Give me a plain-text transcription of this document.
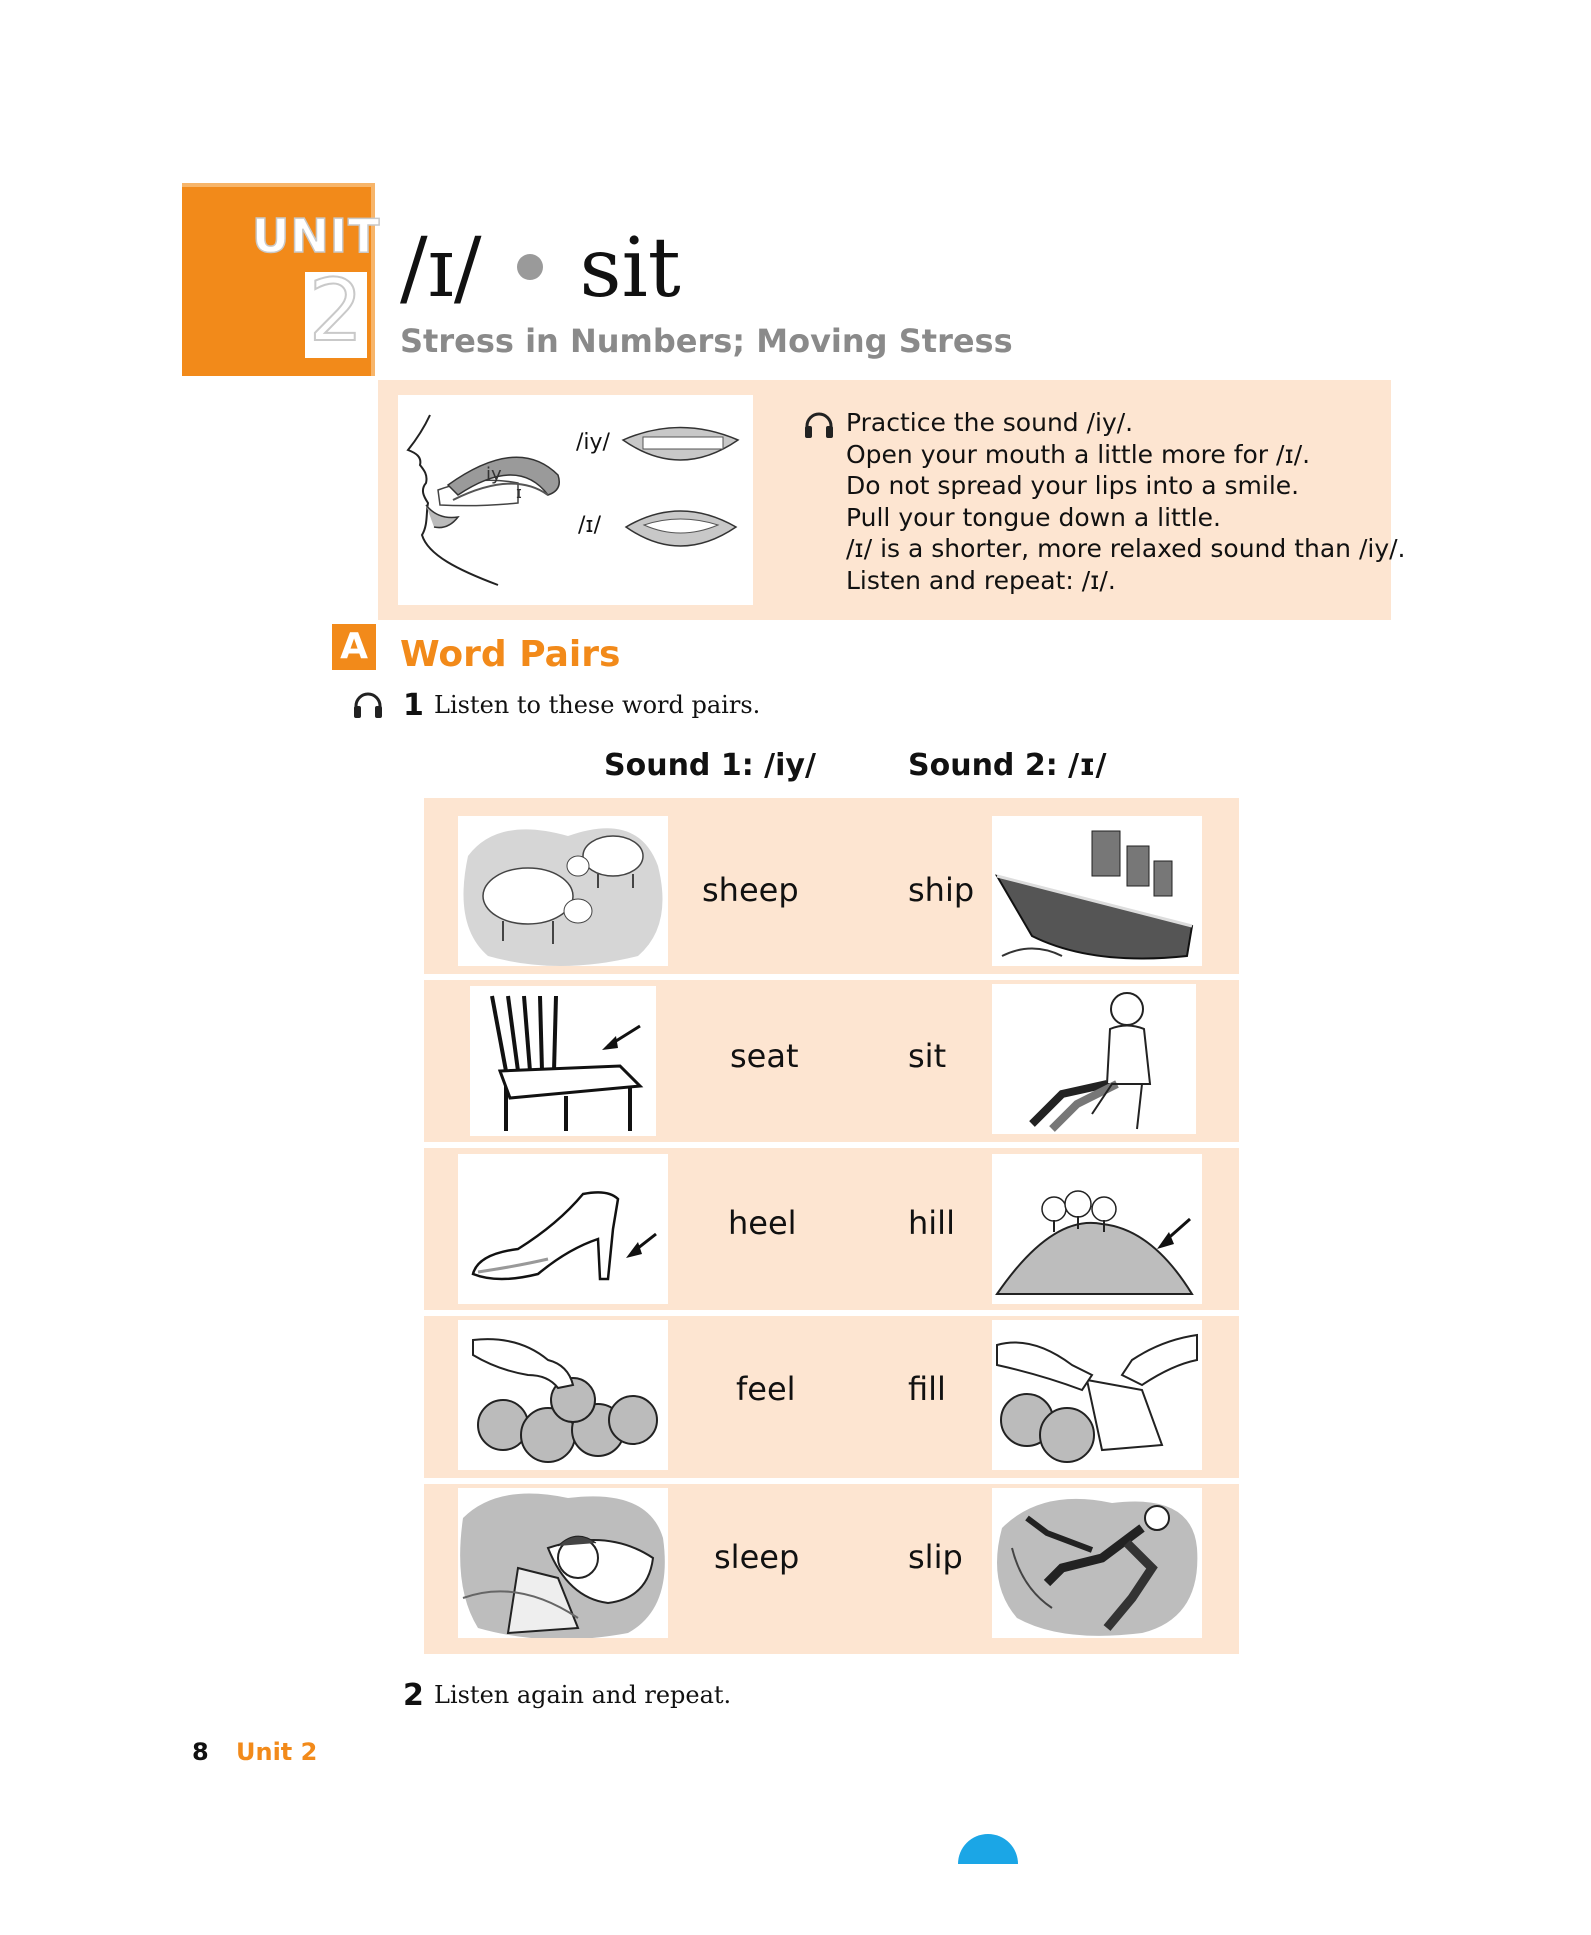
UNIT
2 /ɪ/ sit
Stress in Numbers; Moving Stress
iy
ɪ
/iy/
/ɪ/
Practice the sound /iy/.
Open your mouth a little more for /ɪ/.
Do not spread your lips into a smile.
Pull your tongue down a little.
/ɪ/ is a shorter, more relaxed sound than /iy/.
Listen and repeat: /ɪ/.
A Word Pairs
1 Listen to these word pairs.
Sound 1: /iy/	Sound 2: /ɪ/
sheep	ship
seat	sit
heel	hill
feel	fill
sleep	slip
2 Listen again and repeat.
8 Unit 2
